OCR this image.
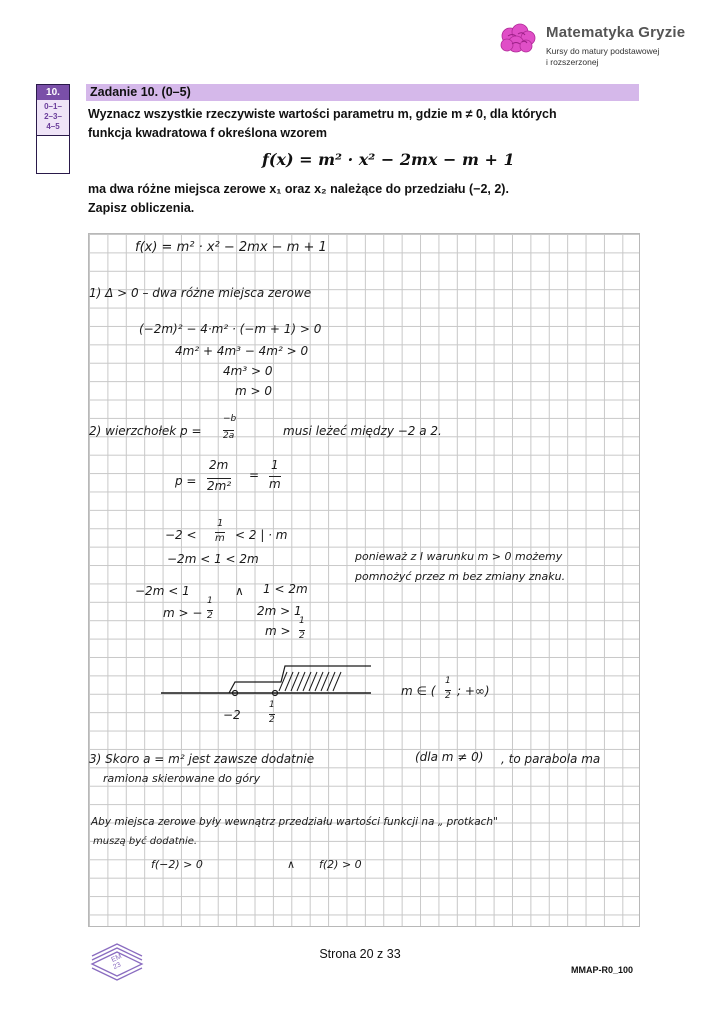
Matematyka Gryzie
Kursy do matury podstawowej
i rozszerzonej
10.
0–1–
2–3–
4–5
Zadanie 10. (0–5)
Wyznacz wszystkie rzeczywiste wartości parametru m, gdzie m ≠ 0, dla których
funkcja kwadratowa f określona wzorem
f(x) = m² · x² − 2mx − m + 1
ma dwa różne miejsca zerowe x₁ oraz x₂ należące do przedziału (−2, 2).
Zapisz obliczenia.
f(x) = m² · x² − 2mx − m + 1
1) Δ > 0 – dwa różne miejsca zerowe
(−2m)² − 4·m² · (−m + 1) > 0
4m² + 4m³ − 4m² > 0
4m³ > 0
m > 0
2) wierzchołek p =
−b
2a	musi leżeć między −2 a 2.
p =
2m
2m²
=
1
m
−2 <
1
m < 2 | · m
−2m < 1 < 2m	ponieważ z I warunku m > 0 możemy
pomnożyć przez m bez zmiany znaku.
−2m < 1	∧ 1 < 2m
m > −
1
2	2m > 1
m >
1
2
−2
1
2
m ∈ (
1
2 ; +∞)
3) Skoro a = m² jest zawsze dodatnie	(dla m ≠ 0) , to parabola ma
ramiona skierowane do góry
Aby miejsca zerowe były wewnątrz przedziału wartości funkcji na „ protkach"
muszą być dodatnie.
f(−2) > 0	∧ f(2) > 0
EM
23
Strona 20 z 33
MMAP-R0_100
